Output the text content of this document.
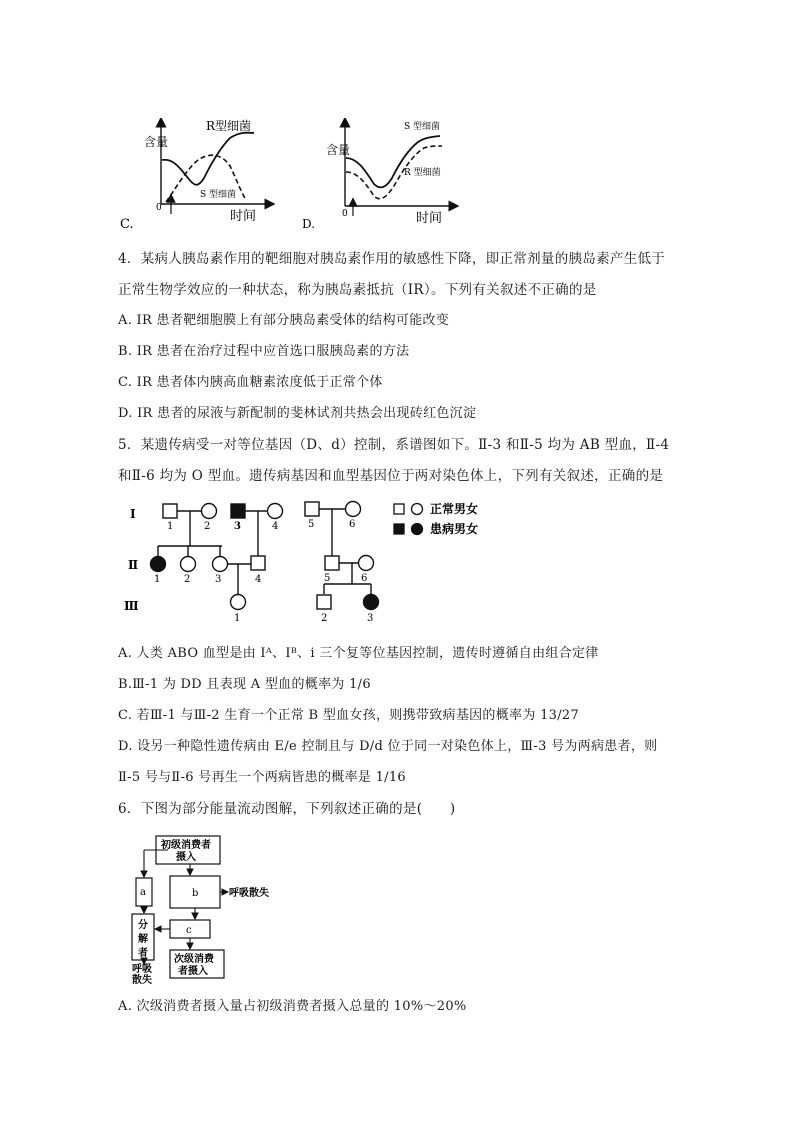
C.
含量
时间
0
R型细菌
S 型细菌
D.
含量
时间
0
S 型细菌
R 型细菌
4．某病人胰岛素作用的靶细胞对胰岛素作用的敏感性下降，即正常剂量的胰岛素产生低于
正常生物学效应的一种状态，称为胰岛素抵抗（IR）。下列有关叙述不正确的是
A. IR 患者靶细胞膜上有部分胰岛素受体的结构可能改变
B. IR 患者在治疗过程中应首选口服胰岛素的方法
C. IR 患者体内胰高血糖素浓度低于正常个体
D. IR 患者的尿液与新配制的斐林试剂共热会出现砖红色沉淀
5．某遗传病受一对等位基因（D、d）控制，系谱图如下。Ⅱ-3 和Ⅱ-5 均为 AB 型血，Ⅱ-4
和Ⅱ-6 均为 O 型血。遗传病基因和血型基因位于两对染色体上，下列有关叙述，正确的是
Ⅰ
Ⅱ
Ⅲ
1	2 3	4	5	6
1 2 3	4	5	6
1	2	3
正常男女
患病男女
A. 人类 ABO 血型是由 Iᴬ、Iᴮ、i 三个复等位基因控制，遗传时遵循自由组合定律
B.Ⅲ-1 为 DD 且表现 A 型血的概率为 1/6
C. 若Ⅲ-1 与Ⅲ-2 生育一个正常 B 型血女孩，则携带致病基因的概率为 13/27
D. 设另一种隐性遗传病由 E/e 控制且与 D/d 位于同一对染色体上，Ⅲ-3 号为两病患者，则
Ⅱ-5 号与Ⅱ-6 号再生一个两病皆患的概率是 1/16
6．下图为部分能量流动图解，下列叙述正确的是(　　)
初级消费者
摄入
a	b	呼吸散失
分
解
者
c
呼吸
散失
次级消费
者摄入
A. 次级消费者摄入量占初级消费者摄入总量的 10%～20%
